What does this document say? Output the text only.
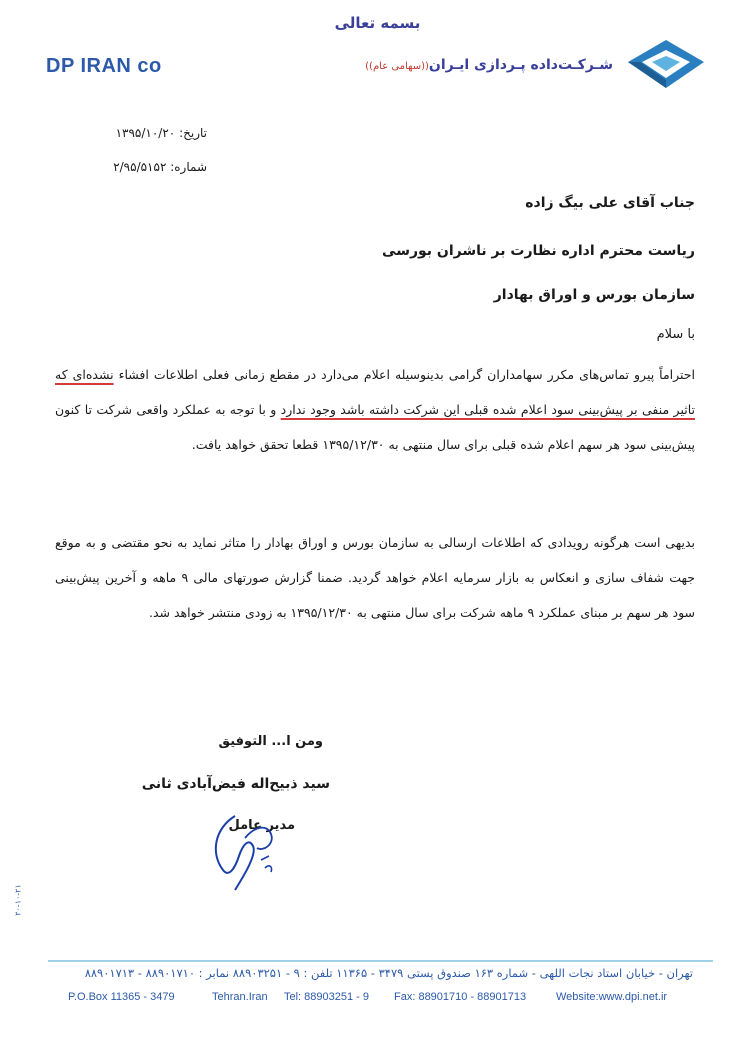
بسمه تعالی
DP IRAN co	شـرکـت‌داده پـردازی ایـران((سهامی عام))
تاریخ: ۱۳۹۵/۱۰/۲۰
شماره: ۲/۹۵/۵۱۵۲
جناب آقای علی بیگ زاده
ریاست محترم اداره نظارت بر ناشران بورسی
سازمان بورس و اوراق بهادار
با سلام
احتراماً پیرو تماس‌های مکرر سهامداران گرامی بدینوسیله اعلام می‌دارد در مقطع زمانی فعلی اطلاعات افشاء نشده‌ای که تاثیر منفی بر پیش‌بینی سود اعلام شده قبلی این شرکت داشته باشد وجود ندارد و با توجه به عملکرد واقعی شرکت تا کنون پیش‌بینی سود هر سهم اعلام شده قبلی برای سال منتهی به ۱۳۹۵/۱۲/۳۰ قطعا تحقق خواهد یافت.
بدیهی است هرگونه رویدادی که اطلاعات ارسالی به سازمان بورس و اوراق بهادار را متاثر نماید به نحو مقتضی و به موقع جهت شفاف سازی و انعکاس به بازار سرمایه اعلام خواهد گردید. ضمنا گزارش صورتهای مالی ۹ ماهه و آخرین پیش‌بینی سود هر سهم بر مبنای عملکرد ۹ ماهه شرکت برای سال منتهی به ۱۳۹۵/۱۲/۳۰ به زودی منتشر خواهد شد.
ومن ا... التوفیق
سید ذبیح‌اله فیض‌آبادی ثانی
مدیر عامل
۲۰-۱۰-۲۱
تهران - خیابان استاد نجات اللهی - شماره ۱۶۳ صندوق پستی ۳۴۷۹ - ۱۱۳۶۵ تلفن : ۹ - ۸۸۹۰۳۲۵۱ نمابر : ۸۸۹۰۱۷۱۰ - ۸۸۹۰۱۷۱۳
P.O.Box 11365 - 3479	Tehran.Iran Tel: 88903251 - 9 Fax: 88901710 - 88901713	Website:www.dpi.net.ir
